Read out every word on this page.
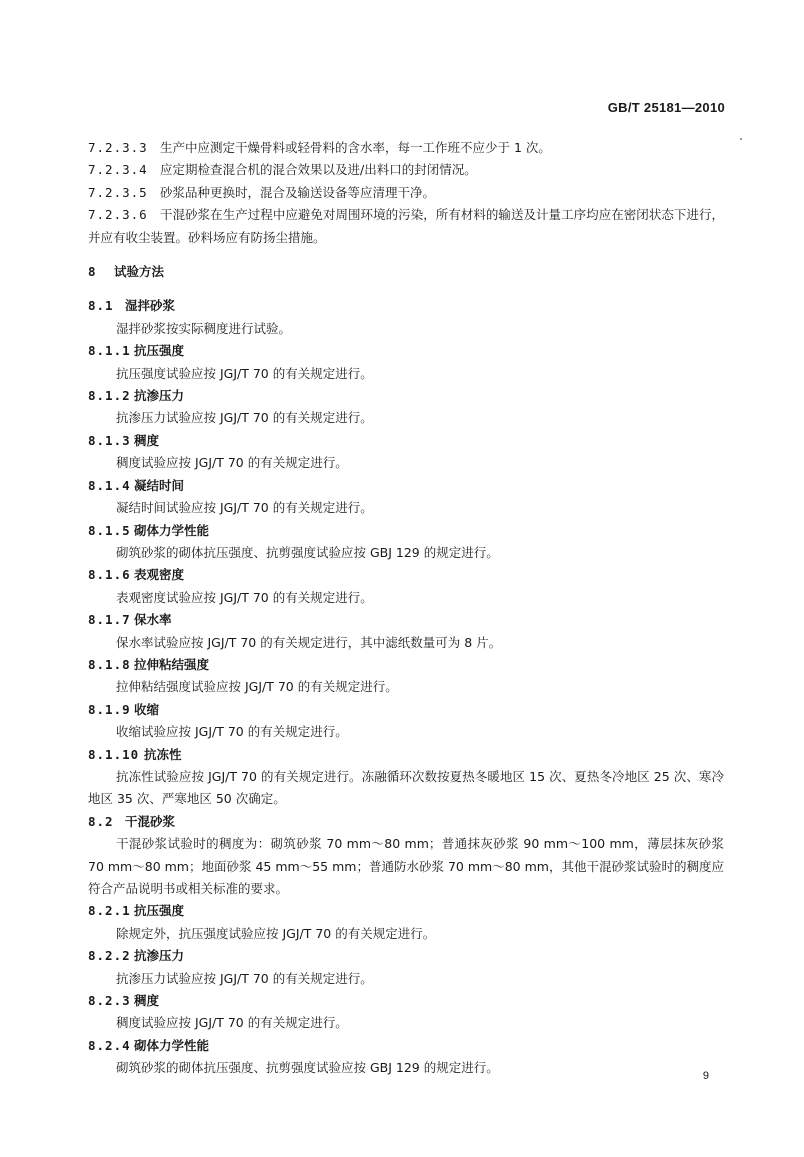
GB/T 25181—2010
7.2.3.3 生产中应测定干燥骨料或轻骨料的含水率，每一工作班不应少于 1 次。
7.2.3.4 应定期检查混合机的混合效果以及进/出料口的封闭情况。
7.2.3.5 砂浆品种更换时，混合及输送设备等应清理干净。
7.2.3.6 干混砂浆在生产过程中应避免对周围环境的污染，所有材料的输送及计量工序均应在密闭状态下进行，并应有收尘装置。砂料场应有防扬尘措施。
8 试验方法
8.1 湿拌砂浆
湿拌砂浆按实际稠度进行试验。
8.1.1 抗压强度
抗压强度试验应按 JGJ/T 70 的有关规定进行。
8.1.2 抗渗压力
抗渗压力试验应按 JGJ/T 70 的有关规定进行。
8.1.3 稠度
稠度试验应按 JGJ/T 70 的有关规定进行。
8.1.4 凝结时间
凝结时间试验应按 JGJ/T 70 的有关规定进行。
8.1.5 砌体力学性能
砌筑砂浆的砌体抗压强度、抗剪强度试验应按 GBJ 129 的规定进行。
8.1.6 表观密度
表观密度试验应按 JGJ/T 70 的有关规定进行。
8.1.7 保水率
保水率试验应按 JGJ/T 70 的有关规定进行，其中滤纸数量可为 8 片。
8.1.8 拉伸粘结强度
拉伸粘结强度试验应按 JGJ/T 70 的有关规定进行。
8.1.9 收缩
收缩试验应按 JGJ/T 70 的有关规定进行。
8.1.10 抗冻性
抗冻性试验应按 JGJ/T 70 的有关规定进行。冻融循环次数按夏热冬暖地区 15 次、夏热冬冷地区 25 次、寒冷地区 35 次、严寒地区 50 次确定。
8.2 干混砂浆
干混砂浆试验时的稠度为：砌筑砂浆 70 mm～80 mm；普通抹灰砂浆 90 mm～100 mm，薄层抹灰砂浆 70 mm～80 mm；地面砂浆 45 mm～55 mm；普通防水砂浆 70 mm～80 mm，其他干混砂浆试验时的稠度应符合产品说明书或相关标准的要求。
8.2.1 抗压强度
除规定外，抗压强度试验应按 JGJ/T 70 的有关规定进行。
8.2.2 抗渗压力
抗渗压力试验应按 JGJ/T 70 的有关规定进行。
8.2.3 稠度
稠度试验应按 JGJ/T 70 的有关规定进行。
8.2.4 砌体力学性能
砌筑砂浆的砌体抗压强度、抗剪强度试验应按 GBJ 129 的规定进行。
9
